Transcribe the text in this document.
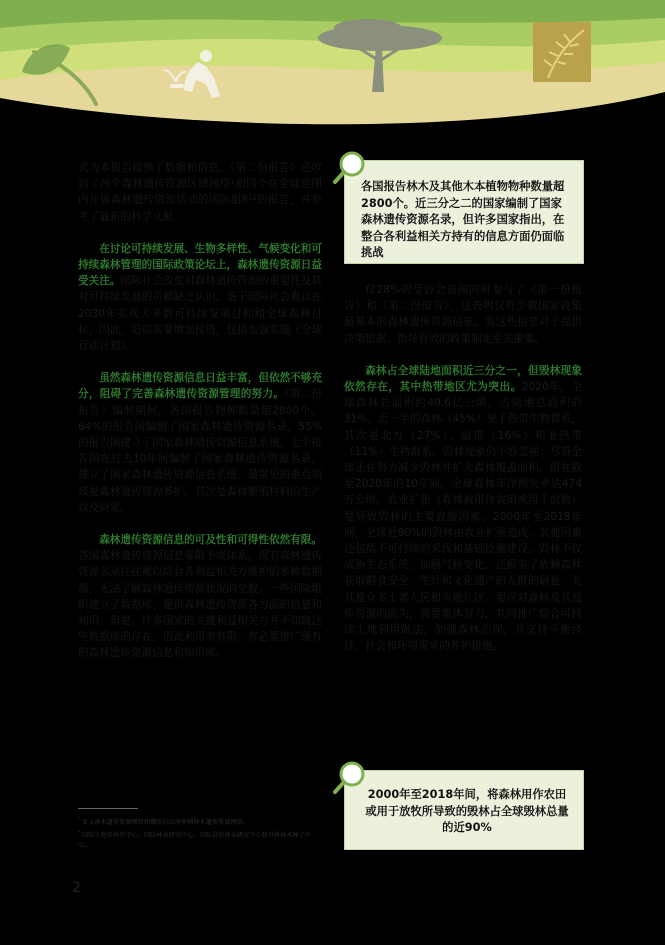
式为本报告提供了数据和信息。《第二份报告》还收到了两个森林遗传资源区域网络¹和四个在全球范围内开展森林遗传资源活动的国际组织²的报告，并参考了最新的科学文献。

在讨论可持续发展、生物多样性、气候变化和可持续森林管理的国际政策论坛上，森林遗传资源日益受关注。国际社会改变对森林遗传资源的重要性及其对可持续发展的贡献缺乏认识。鉴于国际社会难以在2030年实现大多数可持续发展目标和全球森林目标，因此，迫切需要增加投资，包括加强实施《全球行动计划》。

虽然森林遗传资源信息日益丰富，但依然不够充分，阻碍了完善森林遗传资源管理的努力。《第二份报告》编制期间，各国报告物种数量超2800个。64%的报告国编制了国家森林遗传资源名录，55%的报告国建立了国家森林遗传资源信息系统。七个报告国在过去10年间编制了国家森林遗传资源名录，建立了国家森林遗传资源信息系统。最常见的重点领域是森林遗传资源养护，其次是森林繁殖材料的生产以及研发。

森林遗传资源信息的可及性和可得性依然有限。各国森林遗传资源信息零散不成体系，现有森林遗传资源名录往往难以综合各利益相关方维护的多种数据源，无法了解森林遗传资源状况的全貌。一些国际组织建立了数据库，提供森林遗传资源各方面的信息和知识。但是，许多国家的关键利益相关方并不知晓这些数据库的存在，因此利用率有限。有必要推广现有的森林遗传资源信息和知识库。

$^{^1}$ 亚太林木遗传资源网络和撒哈拉以南非洲林木遗传资源网络。
$^{^2}$ 国际生物多样性中心、国际林业研究中心、国际混农林业研究中心和世界林木种子中心。
各国报告林木及其他木本植物物种数量超2800个。近三分之二的国家编制了国家森林遗传资源名录，但许多国家指出，在整合各利益相关方持有的信息方面仍面临挑战

仅28%的受访会员国同时参与了《第一份报告》和《第二份报告》，这表明仅有少数国家收集最基本的森林遗传资源信息，而这些信息对于提供决策依据、指导有效的政策制定至关重要。

森林占全球陆地面积近三分之一，但毁林现象依然存在，其中热带地区尤为突出。2020年，全球森林总面积约40.6亿公顷，占陆地总面积的31%。近一半的森林（45%）见于热带生物群系，其次是北方（27%）、温带（16%）和亚热带（11%）生物群系。毁林现象仍不容忽视：尽管全球正在努力减少毁林并扩大森林覆盖面积，但在截至2020年的10年间，全球森林年净损失率达474万公顷。农业扩张（森林被用作农田或用于放牧）是导致毁林的主要直接因素。2000年至2018年间，全球近90%的毁林由农业扩张造成。其他因素还包括不可持续的采伐和基础设施建设。毁林不仅威胁生态系统，加剧气候变化，还损害了依赖森林获取粮食安全、生计和文化遗产的人群的福祉，尤其是众多土著人民和当地社区。要应对森林及其遗传资源的流失，需要集体努力，共同推广综合可持续土地利用做法，加强森林治理，并支持平衡经济、社会和环境需求的养护措施。

2000年至2018年间，将森林用作农田或用于放牧所导致的毁林占全球毁林总量的近90%
2
